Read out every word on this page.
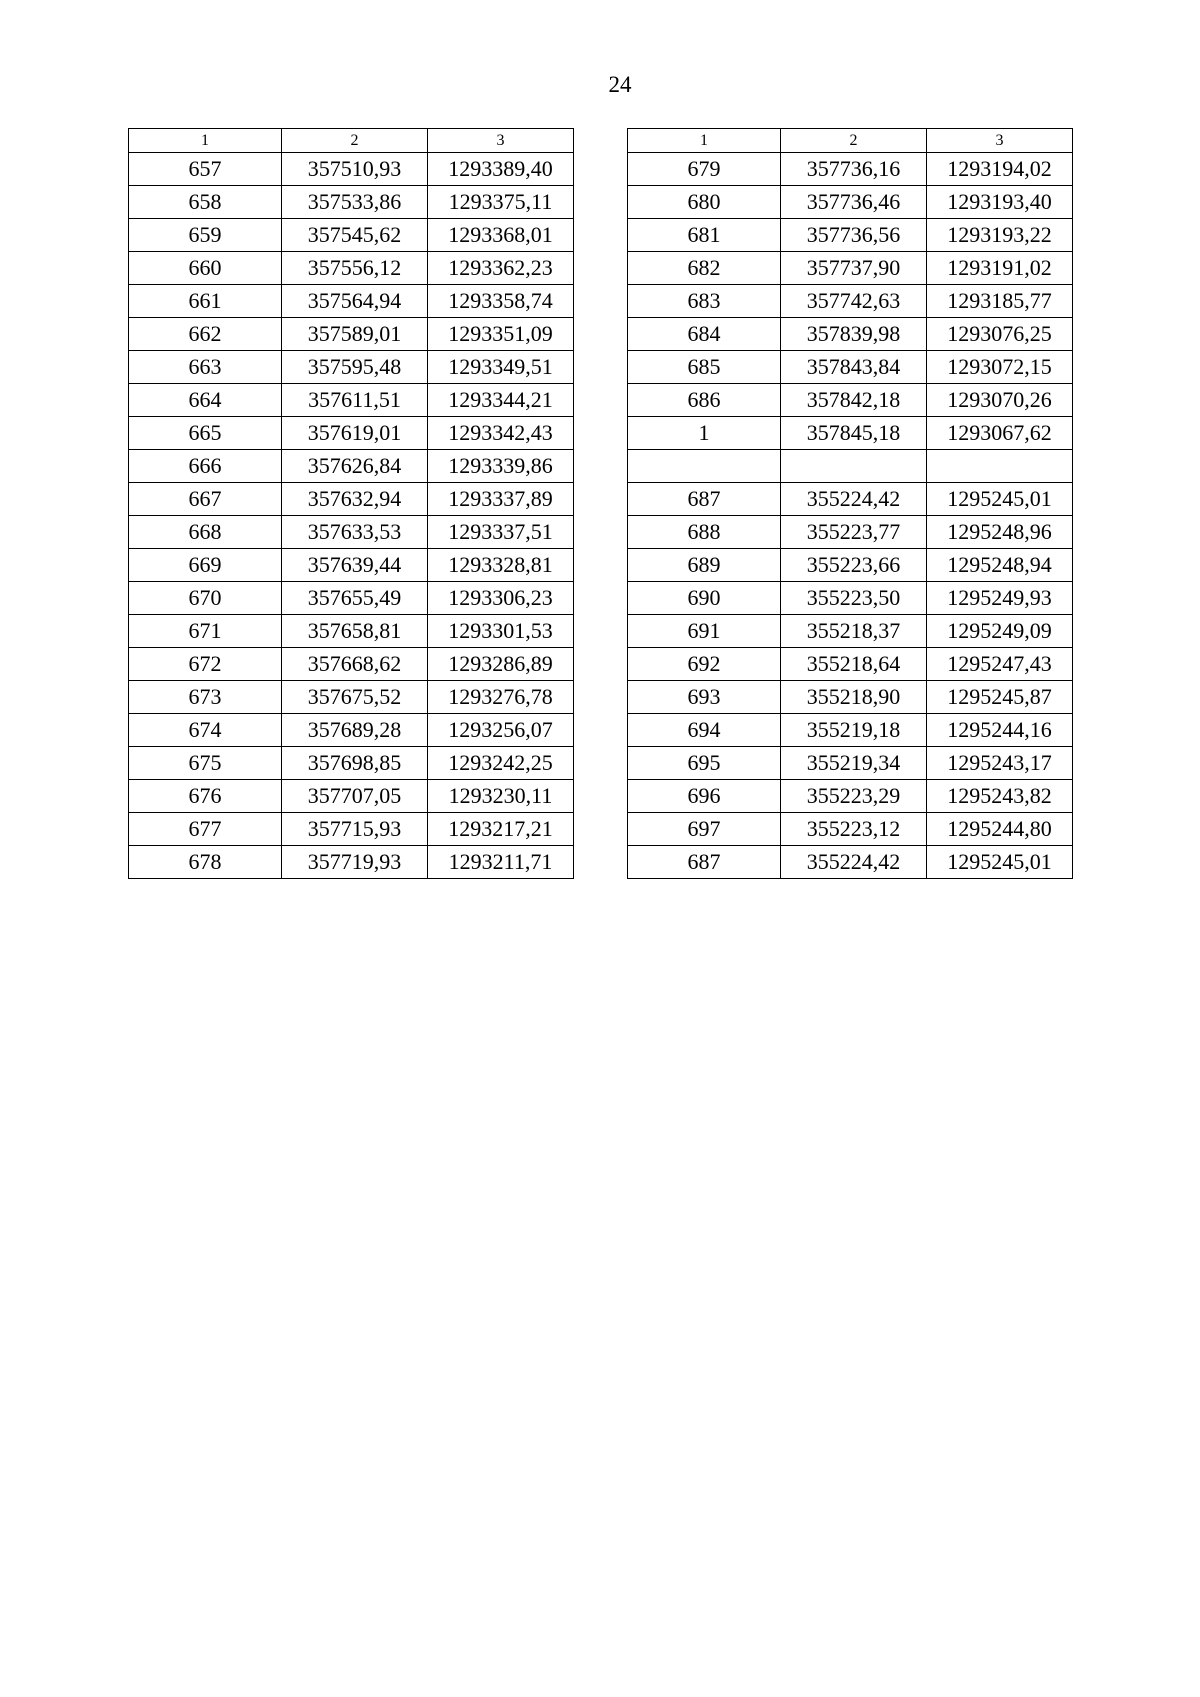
24
1	2	3
657	357510,93	1293389,40
658	357533,86	1293375,11
659	357545,62	1293368,01
660	357556,12	1293362,23
661	357564,94	1293358,74
662	357589,01	1293351,09
663	357595,48	1293349,51
664	357611,51	1293344,21
665	357619,01	1293342,43
666	357626,84	1293339,86
667	357632,94	1293337,89
668	357633,53	1293337,51
669	357639,44	1293328,81
670	357655,49	1293306,23
671	357658,81	1293301,53
672	357668,62	1293286,89
673	357675,52	1293276,78
674	357689,28	1293256,07
675	357698,85	1293242,25
676	357707,05	1293230,11
677	357715,93	1293217,21
678	357719,93	1293211,71
1	2	3
679	357736,16	1293194,02
680	357736,46	1293193,40
681	357736,56	1293193,22
682	357737,90	1293191,02
683	357742,63	1293185,77
684	357839,98	1293076,25
685	357843,84	1293072,15
686	357842,18	1293070,26
1	357845,18	1293067,62

687	355224,42	1295245,01
688	355223,77	1295248,96
689	355223,66	1295248,94
690	355223,50	1295249,93
691	355218,37	1295249,09
692	355218,64	1295247,43
693	355218,90	1295245,87
694	355219,18	1295244,16
695	355219,34	1295243,17
696	355223,29	1295243,82
697	355223,12	1295244,80
687	355224,42	1295245,01
